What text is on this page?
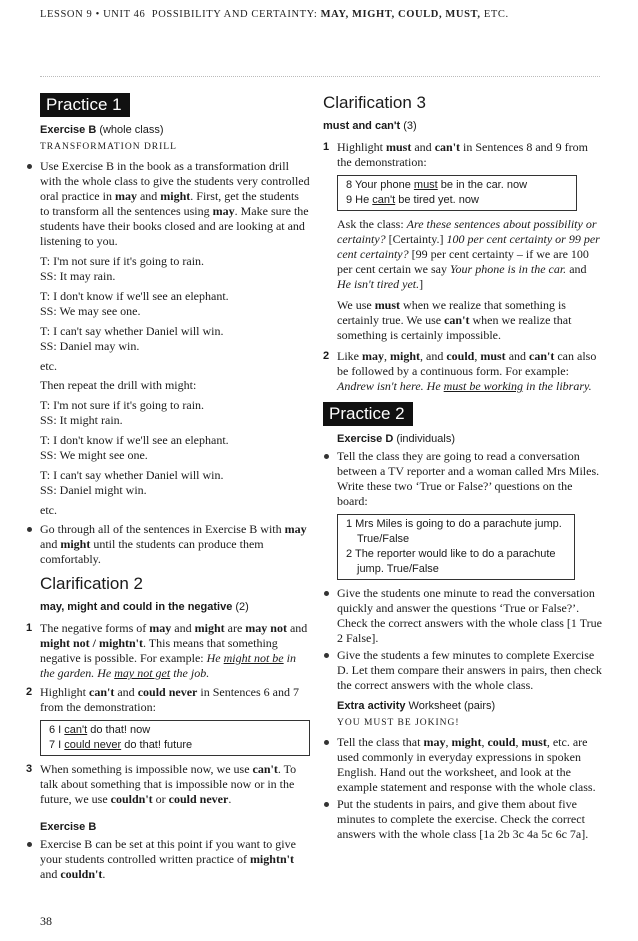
LESSON 9 • UNIT 46 POSSIBILITY AND CERTAINTY: MAY, MIGHT, COULD, MUST, ETC.
Practice 1
Exercise B (whole class)
TRANSFORMATION DRILL
Use Exercise B in the book as a transformation drill with the whole class to give the students very controlled oral practice in may and might. First, get the students to transform all the sentences using may. Make sure the students have their books closed and are looking at and listening to you.

T: I'm not sure if it's going to rain.

SS: It may rain.

T: I don't know if we'll see an elephant.

SS: We may see one.

T: I can't say whether Daniel will win.

SS: Daniel may win.

etc.
Then repeat the drill with might:

T: I'm not sure if it's going to rain.

SS: It might rain.

T: I don't know if we'll see an elephant.

SS: We might see one.

T: I can't say whether Daniel will win.

SS: Daniel might win.

etc.
Go through all of the sentences in Exercise B with may and might until the students can produce them comfortably.
Clarification 2
may, might and could in the negative (2)
1 The negative forms of may and might are may not and might not / mightn't. This means that something negative is possible. For example: He might not be in the garden. He may not get the job.
2 Highlight can't and could never in Sentences 6 and 7 from the demonstration:

6 I can't do that! now

7 I could never do that! future

3 When something is impossible now, we use can't. To talk about something that is impossible now or in the future, we use couldn't or could never.
Exercise B
Exercise B can be set at this point if you want to give your students controlled written practice of mightn't and couldn't.
38
Clarification 3
must and can't (3)
1 Highlight must and can't in Sentences 8 and 9 from the demonstration:

8 Your phone must be in the car. now

9 He can't be tired yet. now

Ask the class: Are these sentences about possibility or certainty? [Certainty.] 100 per cent certainty or 99 per cent certainty? [99 per cent certainty – if we are 100 per cent certain we say Your phone is in the car. and He isn't tired yet.]
We use must when we realize that something is certainly true. We use can't when we realize that something is certainly impossible.
2 Like may, might, and could, must and can't can also be followed by a continuous form. For example: Andrew isn't here. He must be working in the library.
Practice 2
Exercise D (individuals)
Tell the class they are going to read a conversation between a TV reporter and a woman called Mrs Miles. Write these two ‘True or False?’ questions on the board:

1 Mrs Miles is going to do a parachute jump. True/False

2 The reporter would like to do a parachute jump. True/False

Give the students one minute to read the conversation quickly and answer the questions ‘True or False?’. Check the correct answers with the whole class [1 True 2 False].
Give the students a few minutes to complete Exercise D. Let them compare their answers in pairs, then check the correct answers with the whole class.
Extra activity Worksheet (pairs)
YOU MUST BE JOKING!
Tell the class that may, might, could, must, etc. are used commonly in everyday expressions in spoken English. Hand out the worksheet, and look at the example statement and response with the whole class.
Put the students in pairs, and give them about five minutes to complete the exercise. Check the correct answers with the whole class [1a 2b 3c 4a 5c 6c 7a].
